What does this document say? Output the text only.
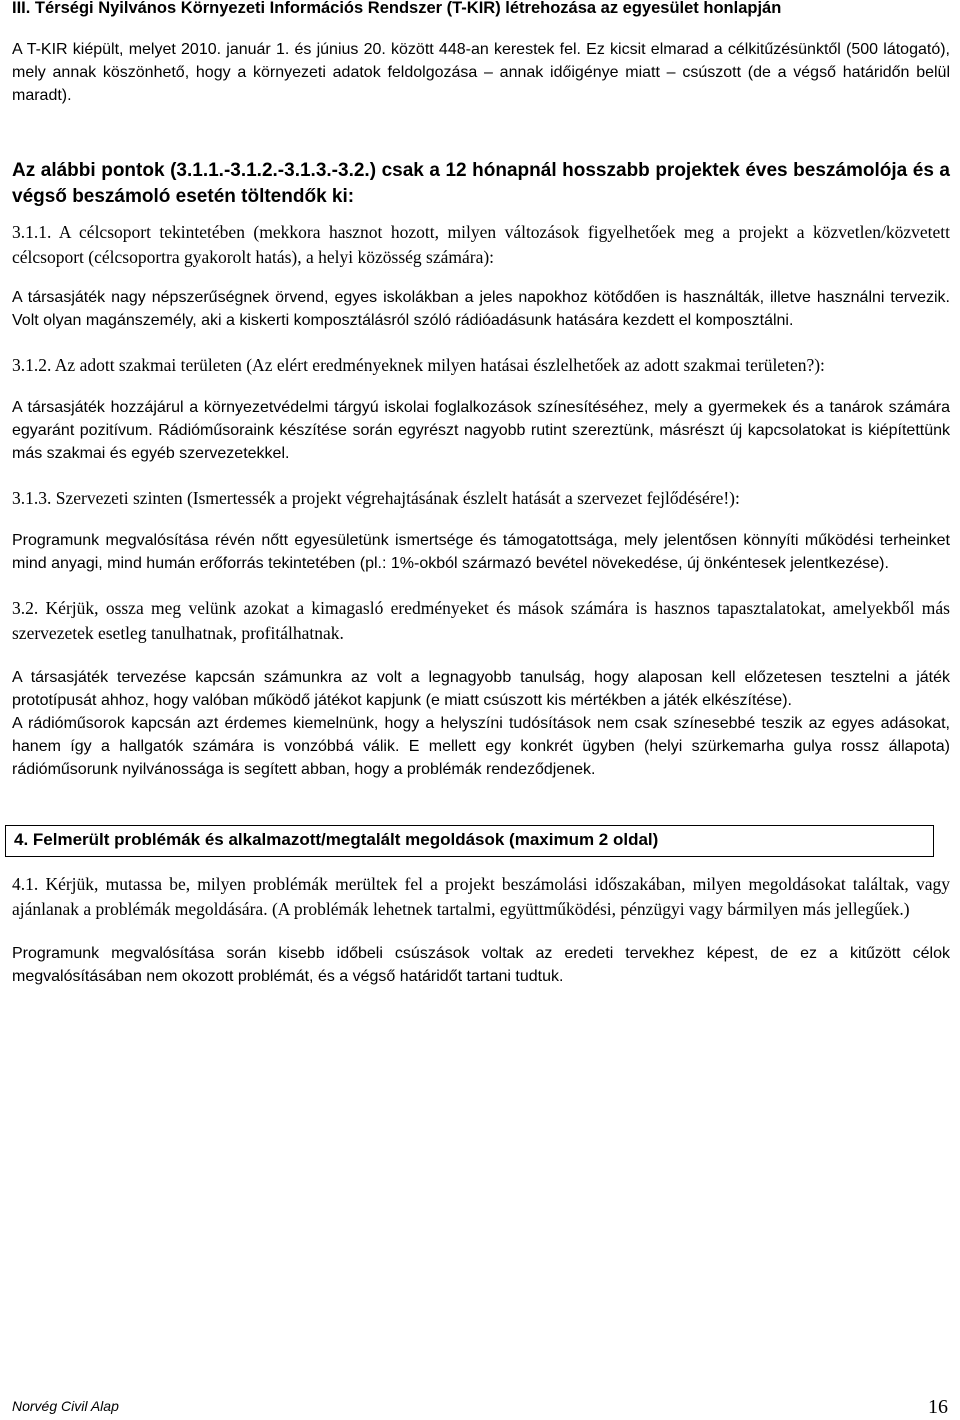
III. Térségi Nyilvános Környezeti Információs Rendszer (T-KIR) létrehozása az egyesület honlapján

A T-KIR kiépült, melyet 2010. január 1. és június 20. között 448-an kerestek fel. Ez kicsit elmarad a célkitűzésünktől (500 látogató), mely annak köszönhető, hogy a környezeti adatok feldolgozása – annak időigénye miatt – csúszott (de a végső határidőn belül maradt).

Az alábbi pontok (3.1.1.-3.1.2.-3.1.3.-3.2.) csak a 12 hónapnál hosszabb projektek éves beszámolója és a végső beszámoló esetén töltendők ki:

3.1.1. A célcsoport tekintetében (mekkora hasznot hozott, milyen változások figyelhetőek meg a projekt a közvetlen/közvetett célcsoport (célcsoportra gyakorolt hatás), a helyi közösség számára):

A társasjáték nagy népszerűségnek örvend, egyes iskolákban a jeles napokhoz kötődően is használták, illetve használni tervezik. Volt olyan magánszemély, aki a kiskerti komposztálásról szóló rádióadásunk hatására kezdett el komposztálni.

3.1.2. Az adott szakmai területen (Az elért eredményeknek milyen hatásai észlelhetőek az adott szakmai területen?):

A társasjáték hozzájárul a környezetvédelmi tárgyú iskolai foglalkozások színesítéséhez, mely a gyermekek és a tanárok számára egyaránt pozitívum. Rádióműsoraink készítése során egyrészt nagyobb rutint szereztünk, másrészt új kapcsolatokat is kiépítettünk más szakmai és egyéb szervezetekkel.

3.1.3. Szervezeti szinten (Ismertessék a projekt végrehajtásának észlelt hatását a szervezet fejlődésére!):

Programunk megvalósítása révén nőtt egyesületünk ismertsége és támogatottsága, mely jelentősen könnyíti működési terheinket mind anyagi, mind humán erőforrás tekintetében (pl.: 1%-okból származó bevétel növekedése, új önkéntesek jelentkezése).

3.2. Kérjük, ossza meg velünk azokat a kimagasló eredményeket és mások számára is hasznos tapasztalatokat, amelyekből más szervezetek esetleg tanulhatnak, profitálhatnak.

A társasjáték tervezése kapcsán számunkra az volt a legnagyobb tanulság, hogy alaposan kell előzetesen tesztelni a játék prototípusát ahhoz, hogy valóban működő játékot kapjunk (e miatt csúszott kis mértékben a játék elkészítése).

A rádióműsorok kapcsán azt érdemes kiemelnünk, hogy a helyszíni tudósítások nem csak színesebbé teszik az egyes adásokat, hanem így a hallgatók számára is vonzóbbá válik. E mellett egy konkrét ügyben (helyi szürkemarha gulya rossz állapota) rádióműsorunk nyilvánossága is segített abban, hogy a problémák rendeződjenek.

4. Felmerült problémák és alkalmazott/megtalált megoldások (maximum 2 oldal)

4.1. Kérjük, mutassa be, milyen problémák merültek fel a projekt beszámolási időszakában, milyen megoldásokat találtak, vagy ajánlanak a problémák megoldására. (A problémák lehetnek tartalmi, együttműködési, pénzügyi vagy bármilyen más jellegűek.)

Programunk megvalósítása során kisebb időbeli csúszások voltak az eredeti tervekhez képest, de ez a kitűzött célok megvalósításában nem okozott problémát, és a végső határidőt tartani tudtuk.

Norvég Civil Alap	16
